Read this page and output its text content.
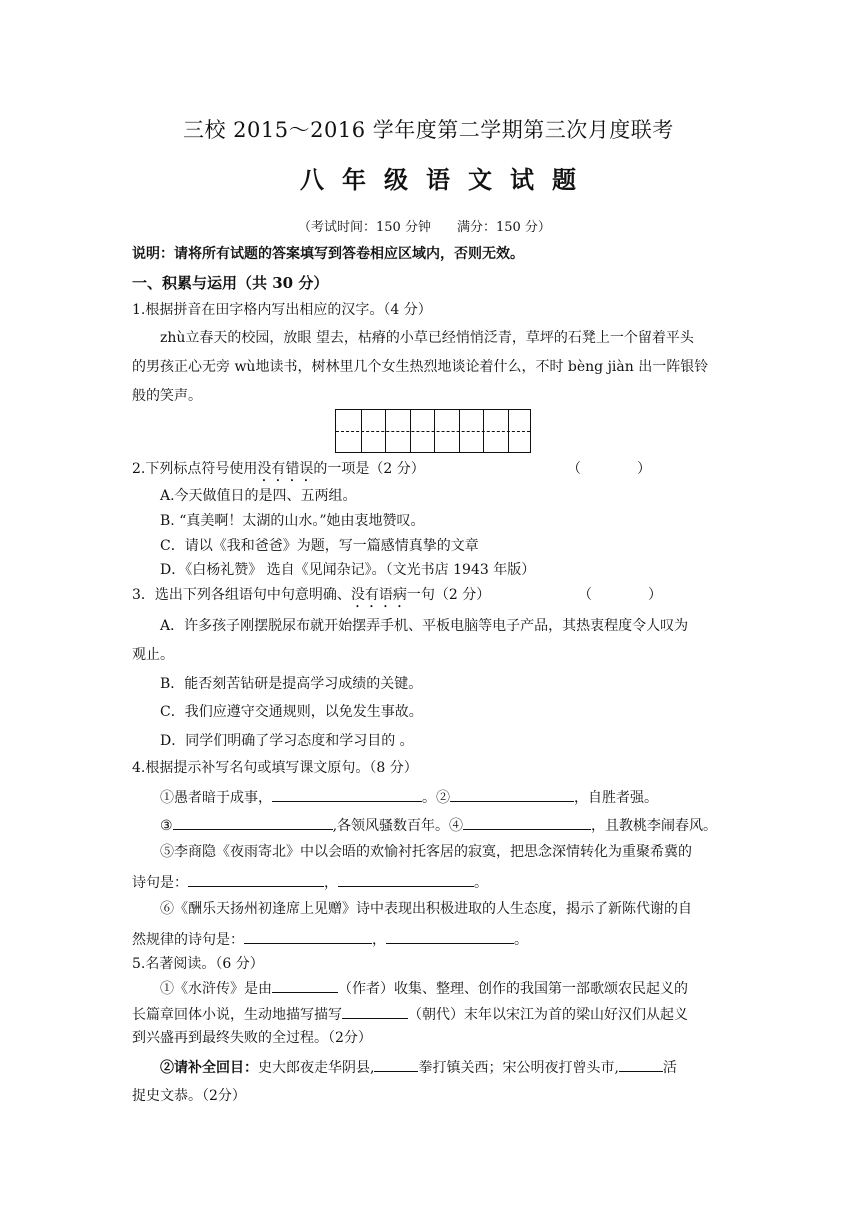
三校 2015～2016 学年度第二学期第三次月度联考
八年级语文试题
（考试时间：150 分钟　　满分：150 分）
说明：请将所有试题的答案填写到答卷相应区域内，否则无效。
一、积累与运用（共 30 分）
1.根据拼音在田字格内写出相应的汉字。（4 分）
zhù立春天的校园，放眼 望去，枯瘠的小草已经悄悄泛青，草坪的石凳上一个留着平头
的男孩正心无旁 wù地读书，树林里几个女生热烈地谈论着什么，不时 bèng jiàn 出一阵银铃
般的笑声。
2.下列标点符号使用没有错误的一项是（2 分）	（　　　　）
A.今天做值日的是四、五两组。
B. “真美啊！太湖的山水。”她由衷地赞叹。
C．请以《我和爸爸》为题，写一篇感情真挚的文章
D．《白杨礼赞》 选自《见闻杂记》。（文光书店 1943 年版）
3．选出下列各组语句中句意明确、没有语病一句（2 分）	（　　　　）
A．许多孩子刚摆脱尿布就开始摆弄手机、平板电脑等电子产品，其热衷程度令人叹为
观止。
B．能否刻苦钻研是提高学习成绩的关键。
C．我们应遵守交通规则，以免发生事故。
D．同学们明确了学习态度和学习目的 。
4.根据提示补写名句或填写课文原句。（8 分）
①愚者暗于成事，	。②	，自胜者强。
③	,各领风骚数百年。④	，且教桃李闹春风。
⑤李商隐《夜雨寄北》中以会晤的欢愉衬托客居的寂寞，把思念深情转化为重聚希冀的
诗句是：	，	。
⑥《酬乐天扬州初逢席上见赠》诗中表现出积极进取的人生态度，揭示了新陈代谢的自
然规律的诗句是：	，	。
5.名著阅读。（6 分）
①《水浒传》是由	（作者）收集、整理、创作的我国第一部歌颂农民起义的
长篇章回体小说，生动地描写描写	（朝代）末年以宋江为首的梁山好汉们从起义
到兴盛再到最终失败的全过程。（2分）
②请补全回目：史大郎夜走华阴县,	拳打镇关西；宋公明夜打曾头市,	活
捉史文恭。（2分）
